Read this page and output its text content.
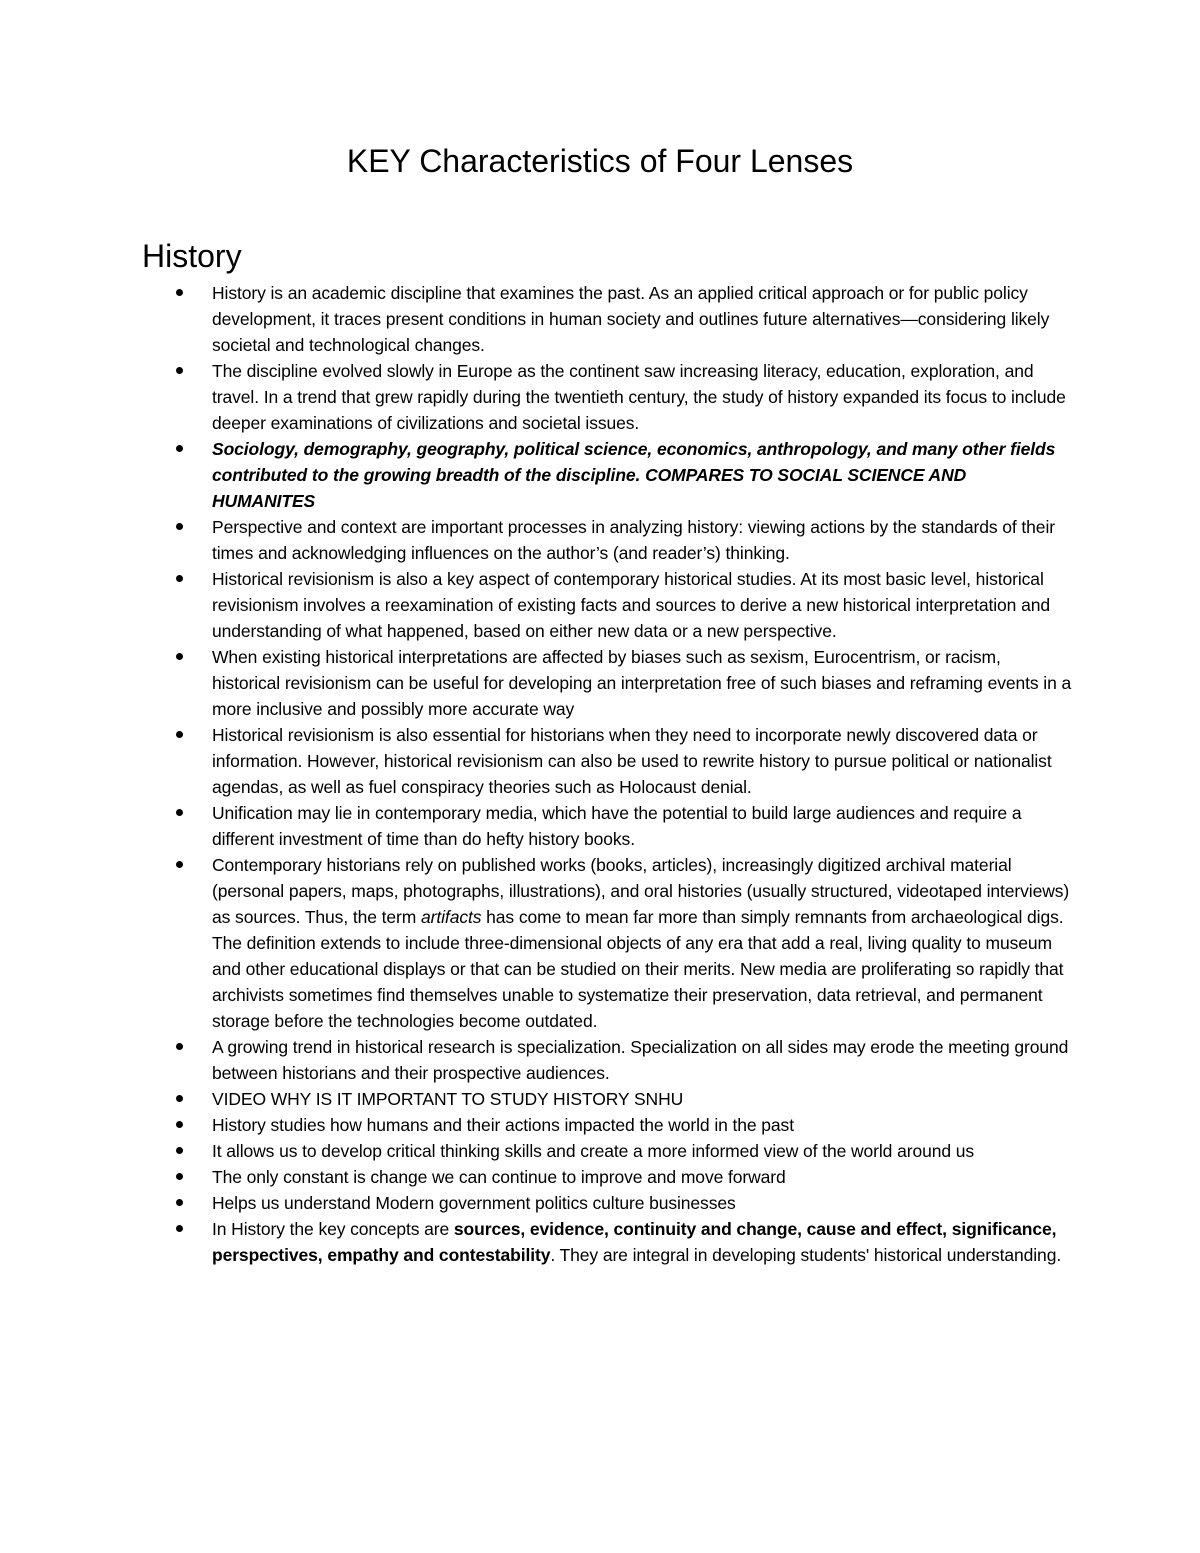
KEY Characteristics of Four Lenses
History
History is an academic discipline that examines the past. As an applied critical approach or for public policy development, it traces present conditions in human society and outlines future alternatives—considering likely societal and technological changes.
The discipline evolved slowly in Europe as the continent saw increasing literacy, education, exploration, and travel. In a trend that grew rapidly during the twentieth century, the study of history expanded its focus to include deeper examinations of civilizations and societal issues.
Sociology, demography, geography, political science, economics, anthropology, and many other fields contributed to the growing breadth of the discipline. COMPARES TO SOCIAL SCIENCE AND HUMANITES
Perspective and context are important processes in analyzing history: viewing actions by the standards of their times and acknowledging influences on the author’s (and reader’s) thinking.
Historical revisionism is also a key aspect of contemporary historical studies. At its most basic level, historical revisionism involves a reexamination of existing facts and sources to derive a new historical interpretation and understanding of what happened, based on either new data or a new perspective.
When existing historical interpretations are affected by biases such as sexism, Eurocentrism, or racism, historical revisionism can be useful for developing an interpretation free of such biases and reframing events in a more inclusive and possibly more accurate way
Historical revisionism is also essential for historians when they need to incorporate newly discovered data or information. However, historical revisionism can also be used to rewrite history to pursue political or nationalist agendas, as well as fuel conspiracy theories such as Holocaust denial.
Unification may lie in contemporary media, which have the potential to build large audiences and require a different investment of time than do hefty history books.
Contemporary historians rely on published works (books, articles), increasingly digitized archival material (personal papers, maps, photographs, illustrations), and oral histories (usually structured, videotaped interviews) as sources. Thus, the term artifacts has come to mean far more than simply remnants from archaeological digs. The definition extends to include three-dimensional objects of any era that add a real, living quality to museum and other educational displays or that can be studied on their merits. New media are proliferating so rapidly that archivists sometimes find themselves unable to systematize their preservation, data retrieval, and permanent storage before the technologies become outdated.
A growing trend in historical research is specialization. Specialization on all sides may erode the meeting ground between historians and their prospective audiences.
VIDEO WHY IS IT IMPORTANT TO STUDY HISTORY SNHU
History studies how humans and their actions impacted the world in the past
It allows us to develop critical thinking skills and create a more informed view of the world around us
The only constant is change we can continue to improve and move forward
Helps us understand Modern government politics culture businesses
In History the key concepts are sources, evidence, continuity and change, cause and effect, significance, perspectives, empathy and contestability. They are integral in developing students' historical understanding.
